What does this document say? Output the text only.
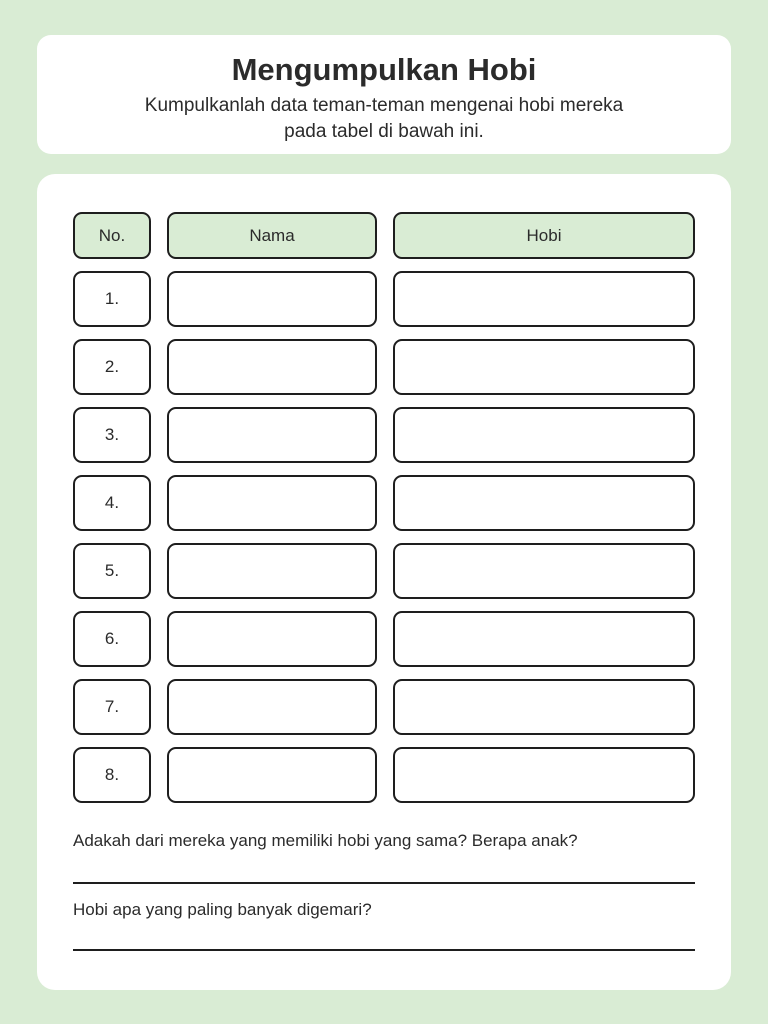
Mengumpulkan Hobi

Kumpulkanlah data teman-teman mengenai hobi mereka pada tabel di bawah ini.

No.	Nama	Hobi
1.
2.
3.
4.
5.
6.
7.
8.

Adakah dari mereka yang memiliki hobi yang sama? Berapa anak?

Hobi apa yang paling banyak digemari?
